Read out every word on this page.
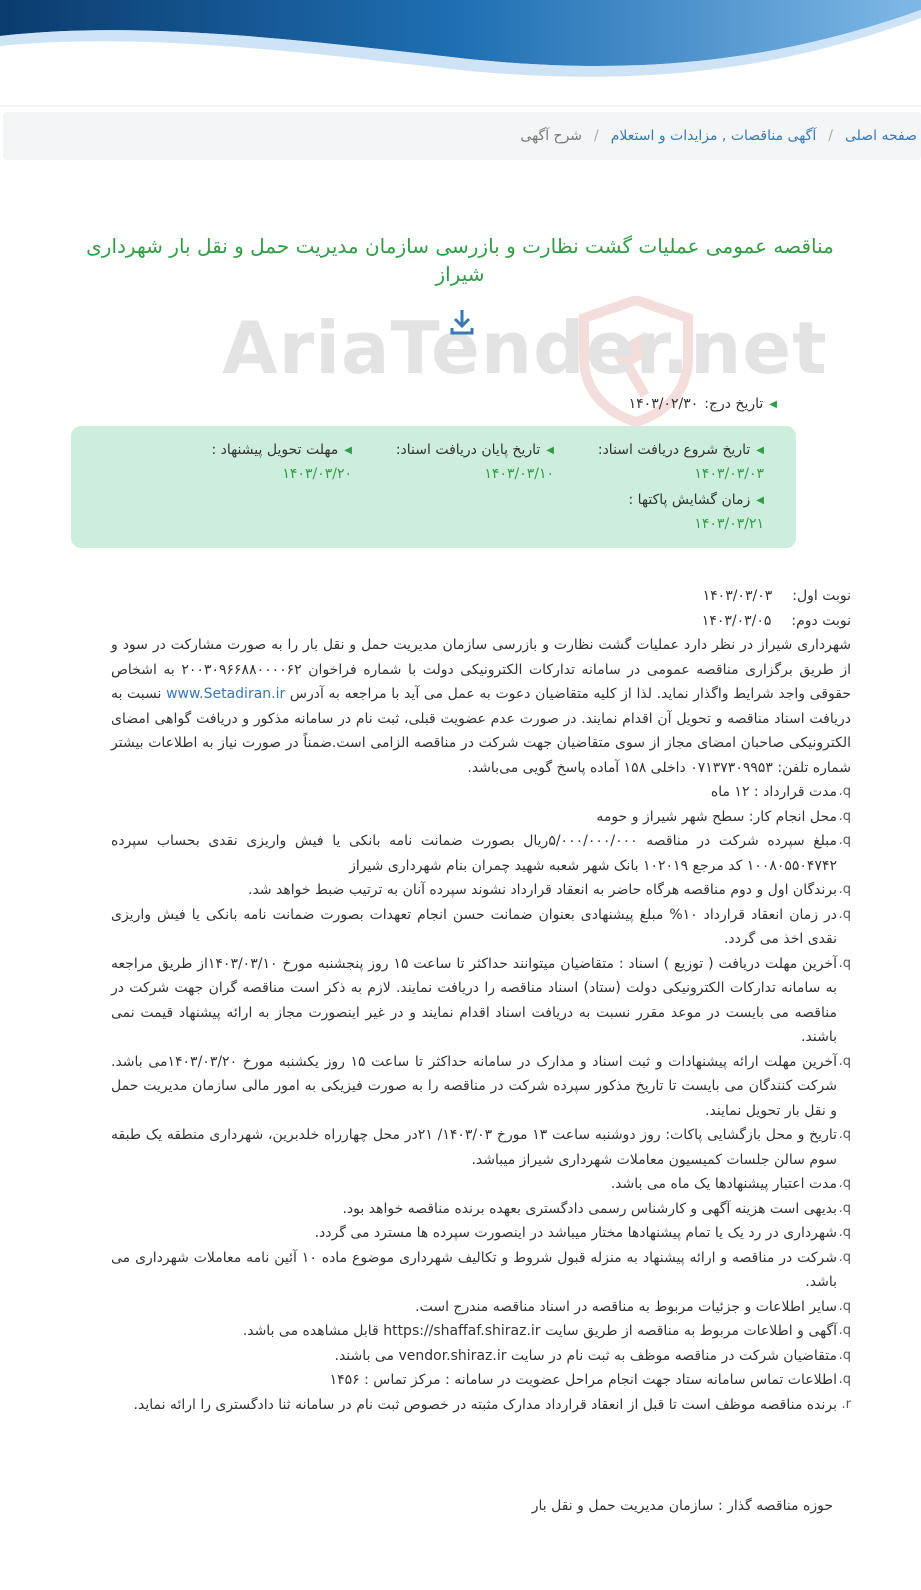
صفحه اصلی
/
آگهی مناقصات , مزایدات و استعلام
/
شرح آگهی
AriaTender.net
مناقصه عمومی عملیات گشت نظارت و بازرسی سازمان مدیریت حمل و نقل بار شهرداری شیراز
◀
تاریخ درج:
۱۴۰۳/۰۲/۳۰
◀
تاریخ شروع دریافت اسناد:
۱۴۰۳/۰۳/۰۳
◀
تاریخ پایان دریافت اسناد:
۱۴۰۳/۰۳/۱۰
◀
مهلت تحویل پیشنهاد :
۱۴۰۳/۰۳/۲۰
◀
زمان گشایش پاکتها :
۱۴۰۳/۰۳/۲۱

نوبت اول:
۱۴۰۳/۰۳/۰۳

نوبت دوم:
۱۴۰۳/۰۳/۰۵

شهرداری شیراز در نظر دارد عملیات گشت نظارت و بازرسی سازمان مدیریت حمل و نقل بار را به صورت مشارکت در سود و از طریق برگزاری مناقصه عمومی در سامانه تدارکات الکترونیکی دولت با شماره فراخوان ۲۰۰۳۰۹۶۶۸۸۰۰۰۰۶۲ به اشخاص حقوقی واجد شرایط واگذار نماید. لذا از کلیه متقاضیان دعوت به عمل می آید با مراجعه به آدرس www.Setadiran.ir نسبت به دریافت اسناد مناقصه و تحویل آن اقدام نمایند. در صورت عدم عضویت قبلی، ثبت نام در سامانه مذکور و دریافت گواهی امضای الکترونیکی صاحبان امضای مجاز از سوی متقاضیان جهت شرکت در مناقصه الزامی است.ضمناً در صورت نیاز به اطلاعات بیشتر شماره تلفن: ۰۷۱۳۷۳۰۹۹۵۳ داخلی ۱۵۸ آماده پاسخ گویی می‌باشد.

q. مدت قرارداد : ۱۲ ماه
q. محل انجام کار: سطح شهر شیراز و حومه
q. مبلغ سپرده شرکت در مناقصه ۵/۰۰۰/۰۰۰/۰۰۰ریال بصورت ضمانت نامه بانکی یا فیش واریزی نقدی بحساب سپرده ۱۰۰۸۰۵۵۰۴۷۴۲ کد مرجع ۱۰۲۰۱۹ بانک شهر شعبه شهید چمران بنام شهرداری شیراز
q. برندگان اول و دوم مناقصه هرگاه حاضر به انعقاد قرارداد نشوند سپرده آنان به ترتیب ضبط خواهد شد.
q. در زمان انعقاد قرارداد ۱۰% مبلغ پیشنهادی بعنوان ضمانت حسن انجام تعهدات بصورت ضمانت نامه بانکی یا فیش واریزی نقدی اخذ می گردد.
q. آخرین مهلت دریافت ( توزیع ) اسناد : متقاضیان میتوانند حداکثر تا ساعت ۱۵ روز پنجشنبه مورخ ۱۴۰۳/۰۳/۱۰از طریق مراجعه به سامانه تدارکات الکترونیکی دولت (ستاد) اسناد مناقصه را دریافت نمایند. لازم به ذکر است مناقصه گران جهت شرکت در مناقصه می بایست در موعد مقرر نسبت به دریافت اسناد اقدام نمایند و در غیر اینصورت مجاز به ارائه پیشنهاد قیمت نمی باشند.
q. آخرین مهلت ارائه پیشنهادات و ثبت اسناد و مدارک در سامانه حداکثر تا ساعت ۱۵ روز یکشنبه مورخ ۱۴۰۳/۰۳/۲۰می باشد. شرکت کنندگان می بایست تا تاریخ مذکور سپرده شرکت در مناقصه را به صورت فیزیکی به امور مالی سازمان مدیریت حمل و نقل بار تحویل نمایند.
q. تاریخ و محل بازگشایی پاکات: روز دوشنبه ساعت ۱۳ مورخ ۱۴۰۳/۰۳/ ۲۱در محل چهارراه خلدبرین، شهرداری منطقه یک طبقه سوم سالن جلسات کمیسیون معاملات شهرداری شیراز میباشد.
q. مدت اعتبار پیشنهادها یک ماه می باشد.
q. بدیهی است هزینه آگهی و کارشناس رسمی دادگستری بعهده برنده مناقصه خواهد بود.
q. شهرداری در رد یک یا تمام پیشنهادها مختار میباشد در اینصورت سپرده ها مسترد می گردد.
q. شرکت در مناقصه و ارائه پیشنهاد به منزله قبول شروط و تکالیف شهرداری موضوع ماده ۱۰ آئین نامه معاملات شهرداری می باشد.
q. سایر اطلاعات و جزئیات مربوط به مناقصه در اسناد مناقصه مندرج است.
q. آگهی و اطلاعات مربوط به مناقصه از طریق سایت https://shaffaf.shiraz.ir قابل مشاهده می باشد.
q. متقاضیان شرکت در مناقصه موظف به ثبت نام در سایت vendor.shiraz.ir می باشند.
q. اطلاعات تماس سامانه ستاد جهت انجام مراحل عضویت در سامانه : مرکز تماس : ۱۴۵۶
r. برنده مناقصه موظف است تا قبل از انعقاد قرارداد مدارک مثبته در خصوص ثبت نام در سامانه ثنا دادگستری را ارائه نماید.
حوزه مناقصه گذار : سازمان مدیریت حمل و نقل بار
